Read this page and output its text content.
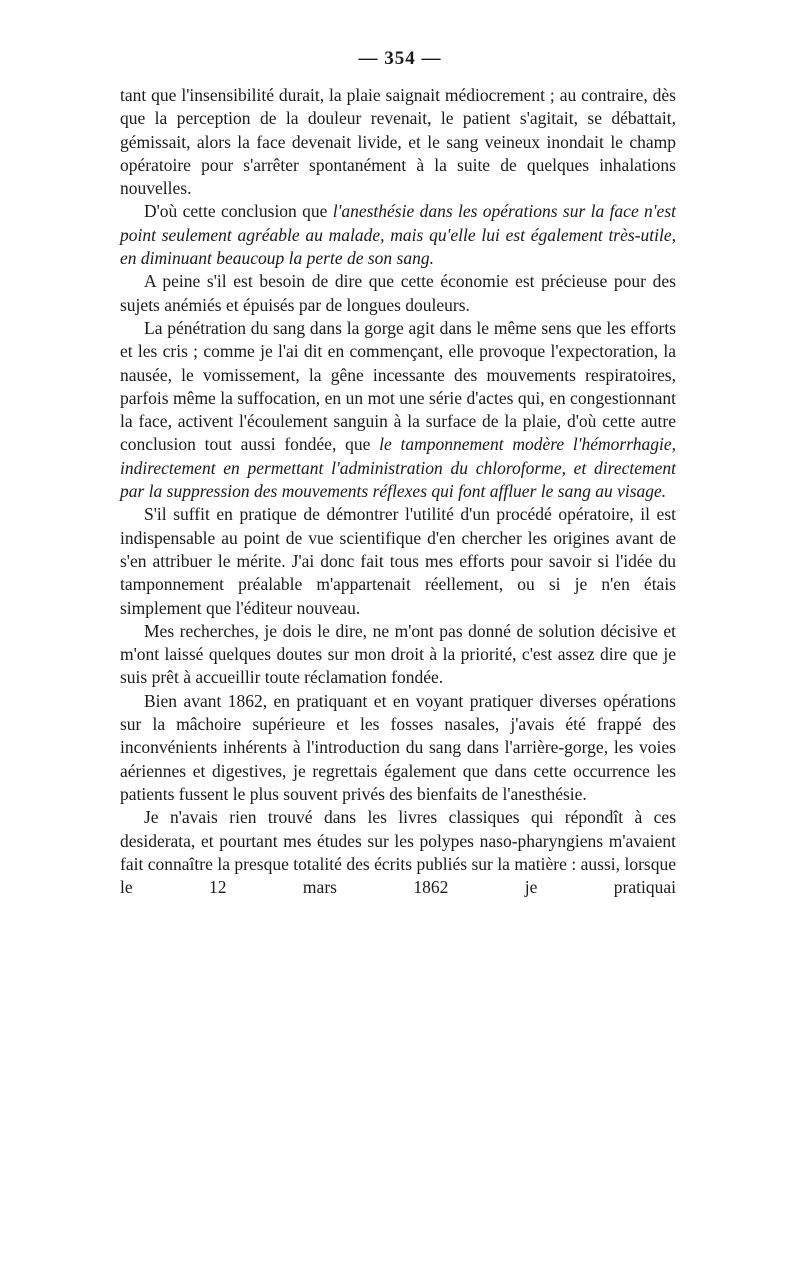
— 354 —

tant que l'insensibilité durait, la plaie saignait médiocrement ; au contraire, dès que la perception de la douleur revenait, le patient s'agitait, se débattait, gémissait, alors la face devenait livide, et le sang veineux inondait le champ opératoire pour s'arrêter spontanément à la suite de quelques inhalations nouvelles.

D'où cette conclusion que l'anesthésie dans les opérations sur la face n'est point seulement agréable au malade, mais qu'elle lui est également très-utile, en diminuant beaucoup la perte de son sang.

A peine s'il est besoin de dire que cette économie est précieuse pour des sujets anémiés et épuisés par de longues douleurs.

La pénétration du sang dans la gorge agit dans le même sens que les efforts et les cris ; comme je l'ai dit en commençant, elle provoque l'expectoration, la nausée, le vomissement, la gêne incessante des mouvements respiratoires, parfois même la suffocation, en un mot une série d'actes qui, en congestionnant la face, activent l'écoulement sanguin à la surface de la plaie, d'où cette autre conclusion tout aussi fondée, que le tamponnement modère l'hémorrhagie, indirectement en permettant l'administration du chloroforme, et directement par la suppression des mouvements réflexes qui font affluer le sang au visage.

S'il suffit en pratique de démontrer l'utilité d'un procédé opératoire, il est indispensable au point de vue scientifique d'en chercher les origines avant de s'en attribuer le mérite. J'ai donc fait tous mes efforts pour savoir si l'idée du tamponnement préalable m'appartenait réellement, ou si je n'en étais simplement que l'éditeur nouveau.

Mes recherches, je dois le dire, ne m'ont pas donné de solution décisive et m'ont laissé quelques doutes sur mon droit à la priorité, c'est assez dire que je suis prêt à accueillir toute réclamation fondée.

Bien avant 1862, en pratiquant et en voyant pratiquer diverses opérations sur la mâchoire supérieure et les fosses nasales, j'avais été frappé des inconvénients inhérents à l'introduction du sang dans l'arrière-gorge, les voies aériennes et digestives, je regrettais également que dans cette occurrence les patients fussent le plus souvent privés des bienfaits de l'anesthésie.

Je n'avais rien trouvé dans les livres classiques qui répondît à ces desiderata, et pourtant mes études sur les polypes naso-pharyngiens m'avaient fait connaître la presque totalité des écrits publiés sur la matière : aussi, lorsque le 12 mars 1862 je pratiquai
